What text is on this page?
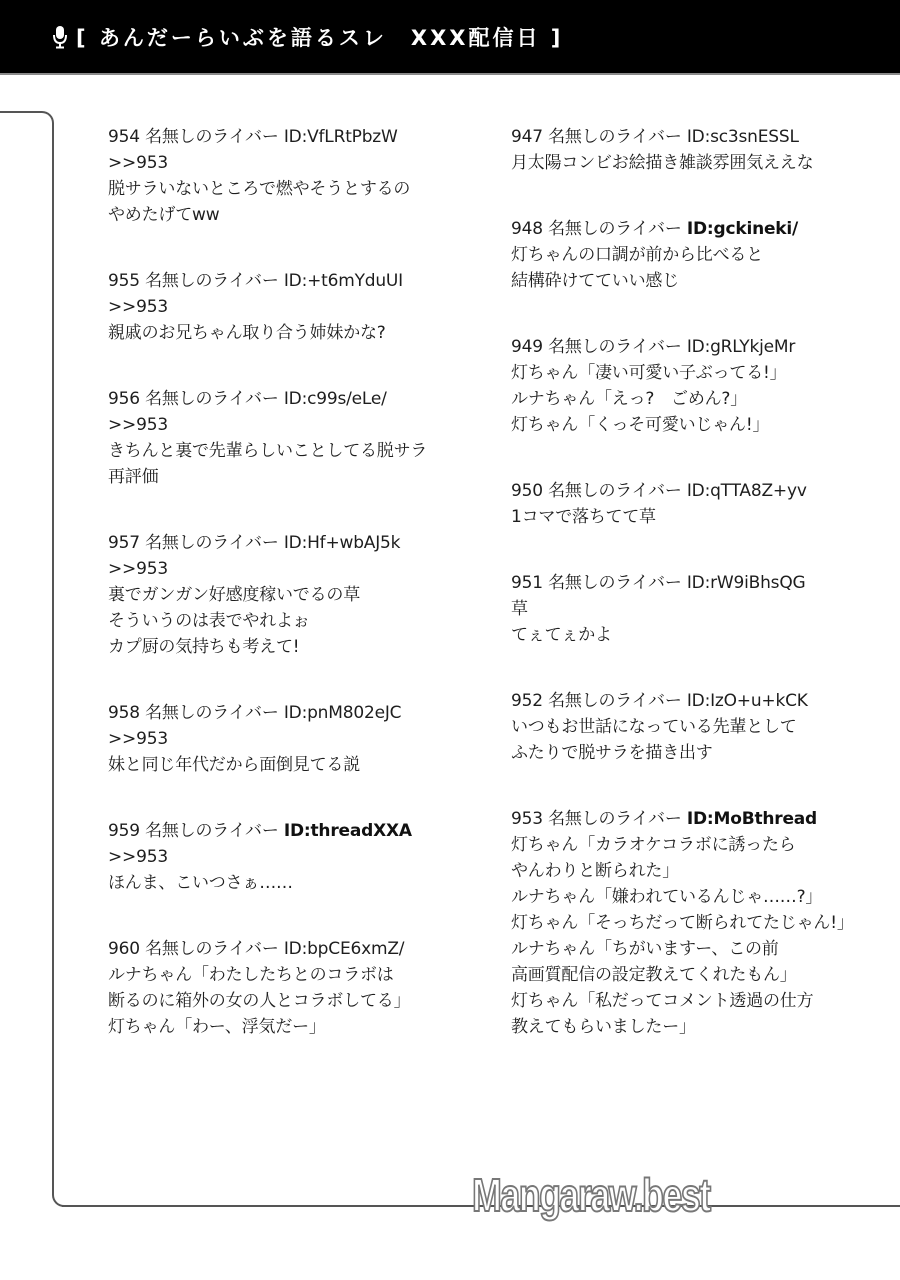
[ あんだーらいぶを語るスレ　XXX配信日 ]
954 名無しのライバー ID:VfLRtPbzW
>>953
脱サラいないところで燃やそうとするの
やめたげてww
955 名無しのライバー ID:+t6mYduUI
>>953
親戚のお兄ちゃん取り合う姉妹かな?
956 名無しのライバー ID:c99s/eLe/
>>953
きちんと裏で先輩らしいことしてる脱サラ
再評価
957 名無しのライバー ID:Hf+wbAJ5k
>>953
裏でガンガン好感度稼いでるの草
そういうのは表でやれよぉ
カプ厨の気持ちも考えて!
958 名無しのライバー ID:pnM802eJC
>>953
妹と同じ年代だから面倒見てる説
959 名無しのライバー ID:threadXXA
>>953
ほんま、こいつさぁ……
960 名無しのライバー ID:bpCE6xmZ/
ルナちゃん「わたしたちとのコラボは
断るのに箱外の女の人とコラボしてる」
灯ちゃん「わー、浮気だー」
947 名無しのライバー ID:sc3snESSL
月太陽コンビお絵描き雑談雰囲気ええな
948 名無しのライバー ID:gckineki/
灯ちゃんの口調が前から比べると
結構砕けてていい感じ
949 名無しのライバー ID:gRLYkjeMr
灯ちゃん「凄い可愛い子ぶってる!」
ルナちゃん「えっ?　ごめん?」
灯ちゃん「くっそ可愛いじゃん!」
950 名無しのライバー ID:qTTA8Z+yv
1コマで落ちてて草
951 名無しのライバー ID:rW9iBhsQG
草
てぇてぇかよ
952 名無しのライバー ID:IzO+u+kCK
いつもお世話になっている先輩として
ふたりで脱サラを描き出す
953 名無しのライバー ID:MoBthread
灯ちゃん「カラオケコラボに誘ったら
やんわりと断られた」
ルナちゃん「嫌われているんじゃ……?」
灯ちゃん「そっちだって断られてたじゃん!」
ルナちゃん「ちがいますー、この前
高画質配信の設定教えてくれたもん」
灯ちゃん「私だってコメント透過の仕方
教えてもらいましたー」
Mangaraw.best
